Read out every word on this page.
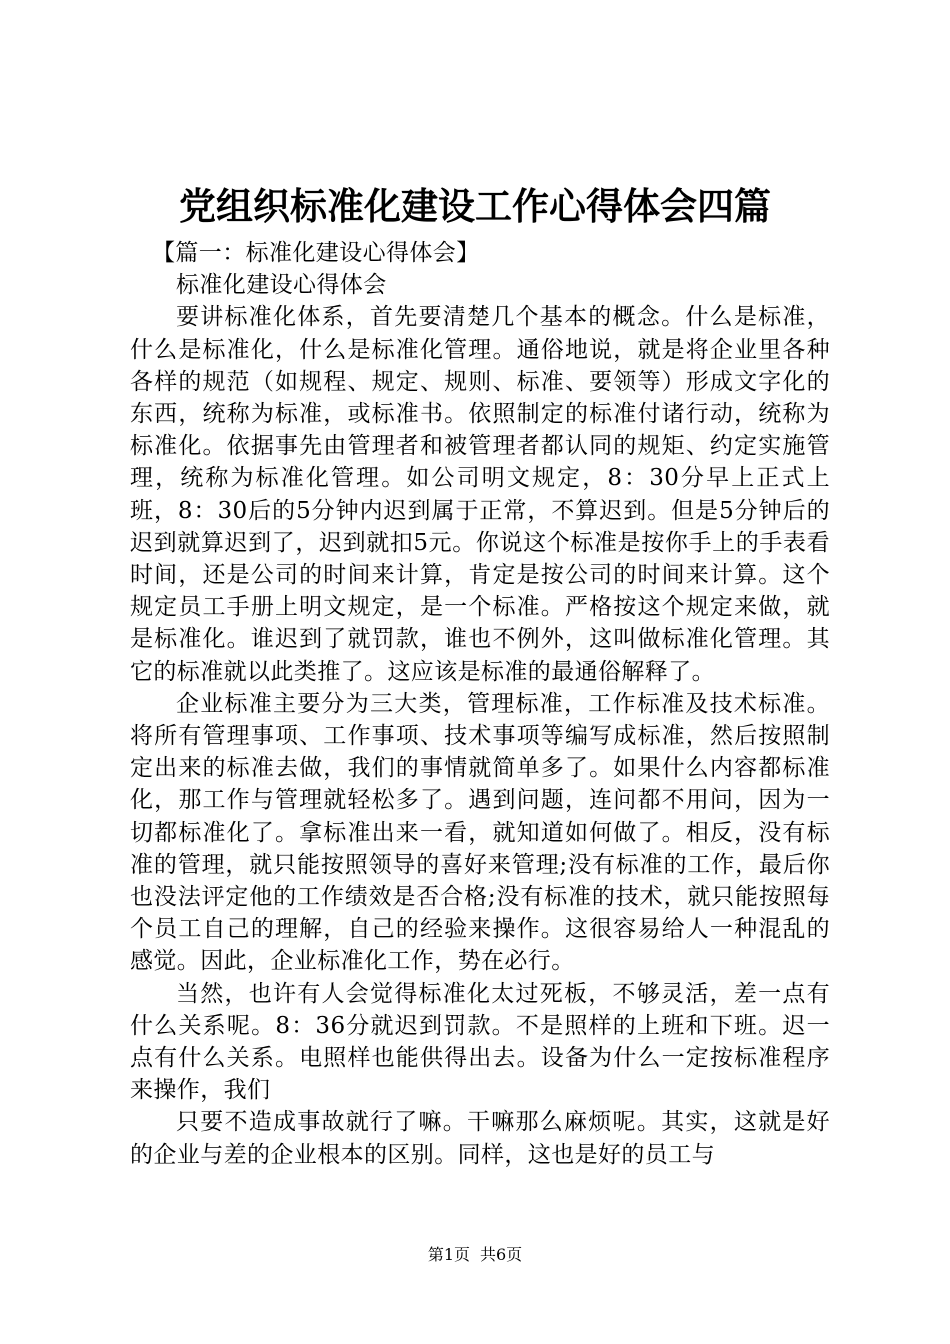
党组织标准化建设工作心得体会四篇

【篇一：标准化建设心得体会】

标准化建设心得体会

要讲标准化体系，首先要清楚几个基本的概念。什么是标准，什么是标准化，什么是标准化管理。通俗地说，就是将企业里各种各样的规范（如规程、规定、规则、标准、要领等）形成文字化的东西，统称为标准，或标准书。依照制定的标准付诸行动，统称为标准化。依据事先由管理者和被管理者都认同的规矩、约定实施管理，统称为标准化管理。如公司明文规定，8：30分早上正式上班，8：30后的5分钟内迟到属于正常，不算迟到。但是5分钟后的迟到就算迟到了，迟到就扣5元。你说这个标准是按你手上的手表看时间，还是公司的时间来计算，肯定是按公司的时间来计算。这个规定员工手册上明文规定，是一个标准。严格按这个规定来做，就是标准化。谁迟到了就罚款，谁也不例外，这叫做标准化管理。其它的标准就以此类推了。这应该是标准的最通俗解释了。

企业标准主要分为三大类，管理标准，工作标准及技术标准。将所有管理事项、工作事项、技术事项等编写成标准，然后按照制定出来的标准去做，我们的事情就简单多了。如果什么内容都标准化，那工作与管理就轻松多了。遇到问题，连问都不用问，因为一切都标准化了。拿标准出来一看，就知道如何做了。相反，没有标准的管理，就只能按照领导的喜好来管理;没有标准的工作，最后你也没法评定他的工作绩效是否合格;没有标准的技术，就只能按照每个员工自己的理解，自己的经验来操作。这很容易给人一种混乱的感觉。因此，企业标准化工作，势在必行。

当然，也许有人会觉得标准化太过死板，不够灵活，差一点有什么关系呢。8：36分就迟到罚款。不是照样的上班和下班。迟一点有什么关系。电照样也能供得出去。设备为什么一定按标准程序来操作，我们

只要不造成事故就行了嘛。干嘛那么麻烦呢。其实，这就是好的企业与差的企业根本的区别。同样，这也是好的员工与

第1页 共6页
